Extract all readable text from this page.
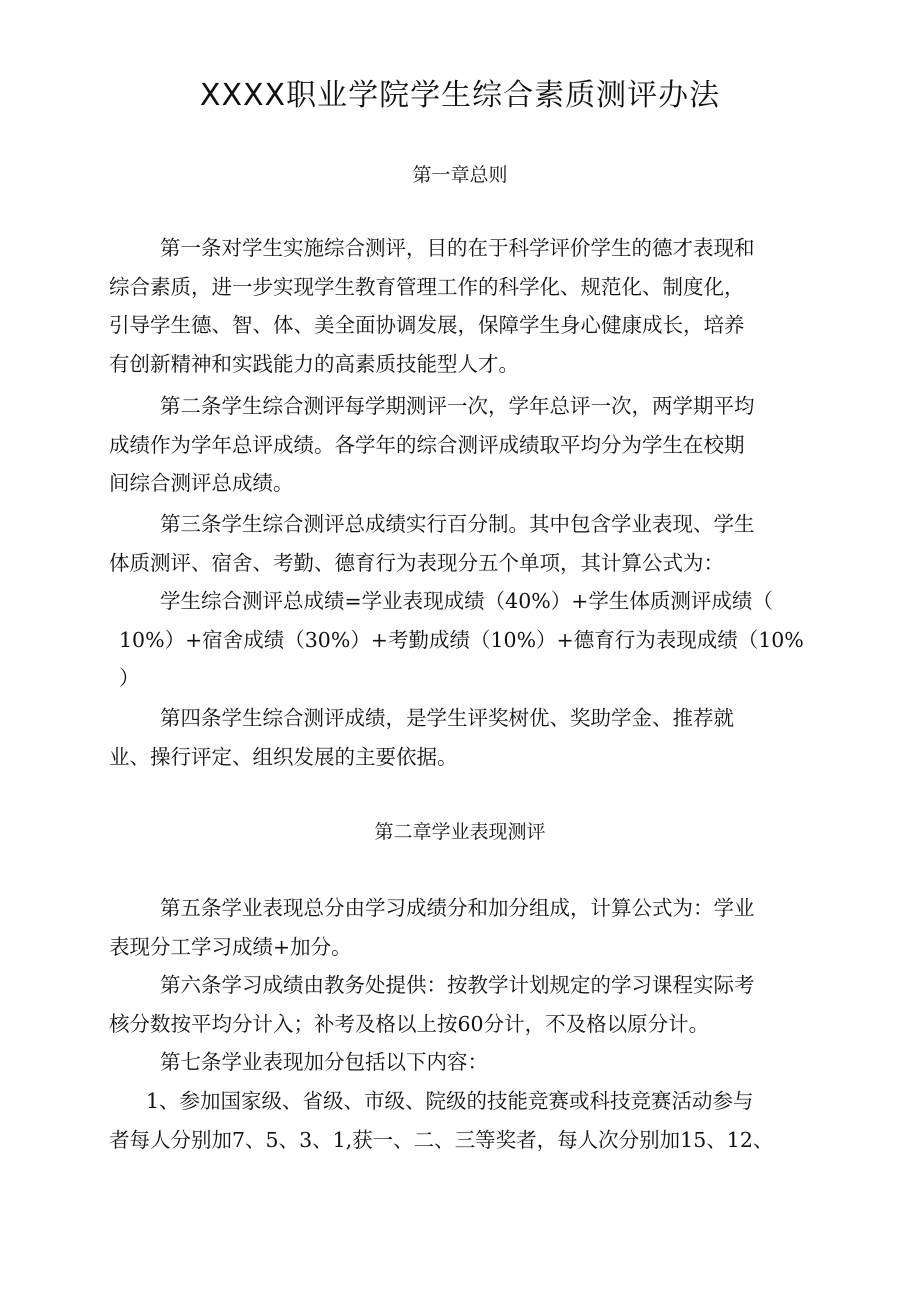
XXXX职业学院学生综合素质测评办法
第一章总则

第一条对学生实施综合测评，目的在于科学评价学生的德才表现和
综合素质，进一步实现学生教育管理工作的科学化、规范化、制度化，
引导学生德、智、体、美全面协调发展，保障学生身心健康成长，培养
有创新精神和实践能力的高素质技能型人才。

第二条学生综合测评每学期测评一次，学年总评一次，两学期平均
成绩作为学年总评成绩。各学年的综合测评成绩取平均分为学生在校期
间综合测评总成绩。

第三条学生综合测评总成绩实行百分制。其中包含学业表现、学生
体质测评、宿舍、考勤、德育行为表现分五个单项，其计算公式为：

学生综合测评总成绩=学业表现成绩（40%）+学生体质测评成绩（
10%）+宿舍成绩（30%）+考勤成绩（10%）+德育行为表现成绩（10%
）

第四条学生综合测评成绩，是学生评奖树优、奖助学金、推荐就
业、操行评定、组织发展的主要依据。

第二章学业表现测评

第五条学业表现总分由学习成绩分和加分组成，计算公式为：学业
表现分工学习成绩+加分。

第六条学习成绩由教务处提供：按教学计划规定的学习课程实际考
核分数按平均分计入；补考及格以上按60分计，不及格以原分计。

第七条学业表现加分包括以下内容：

1、参加国家级、省级、市级、院级的技能竞赛或科技竞赛活动参与
者每人分别加7、5、3、1,获一、二、三等奖者，每人次分别加15、12、
